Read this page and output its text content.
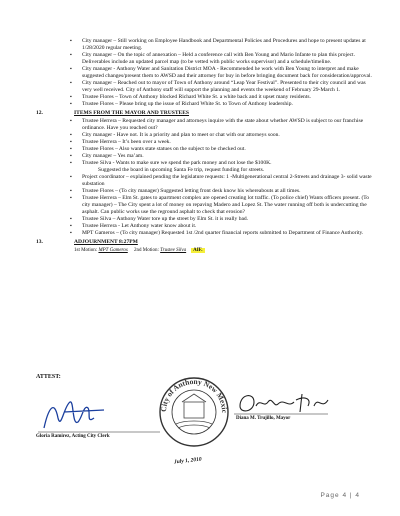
▪ City manager – Still working on Employee Handbook and Departmental Policies and Procedures and hope to present updates at 1/28/2020 regular meeting.
▪ City manager – On the topic of annexation – Held a conference call with Ben Young and Mario Infante to plan this project. Deliverables include an updated parcel map (to be vetted with public works supervisor) and a schedule/timeline.
▪ City manager - Anthony Water and Sanitation District MOA - Recommended he work with Ben Young to interpret and make suggested changes/present them to AWSD and their attorney for buy in before bringing document back for consideration/approval.
▪ City manager – Reached out to mayor of Town of Anthony around “Leap Year Festival”. Presented to their city council and was very well received. City of Anthony staff will support the planning and events the weekend of February 29-March 1.
▪ Trustee Flores – Town of Anthony blocked Richard White St. a white back and it upset many residents.
▪ Trustee Flores – Please bring up the issue of Richard White St. to Town of Anthony leadership.
12.	ITEMS FROM THE MAYOR AND TRUSTEES
▪ Trustee Herrera – Requested city manager and attorneys inquire with the state about whether AWSD is subject to our franchise ordinance. Have you reached out?
▪ City manager - Have not. It is a priority and plan to meet or chat with our attorneys soon.
▪ Trustee Herrera – It’s been over a week.
▪ Trustee Flores – Also wants state statues on the subject to be checked out.
▪ City manager – Yes ma’am.
▪ Trustee Silva - Wants to make sure we spend the park money and not lose the $100K.
Suggested the board in upcoming Santa Fe trip, request funding for streets.
▪ Project coordinator – explained pending the legislature requests: 1 -Multigenerational central 2-Streets and drainage 3- solid waste substation
▪ Trustee Flores – (To city manager) Suggested letting front desk know his whereabouts at all times.
▪ Trustee Herrera – Elm St. gates to apartment complex are opened creating lot traffic. (To police chief) Wants officers present. (To city manager) – The City spent a lot of money on repaving Madero and Lopez St. The water running off both is undercutting the asphalt. Can public works use the reground asphalt to check that erosion?
▪ Trustee Silva – Anthony Water tore up the street by Elm St. it is really bad.
▪ Trustee Herrera - Let Anthony water know about it.
▪ MPT Gameros – (To city manager) Requested 1st /2nd quarter financial reports submitted to Department of Finance Authority.
13.	ADJOURNMENT 8:27PM
1st Motion: MPT Gameros 2nd Motion: Trustee Silva AIF.
ATTEST:
Gloria Ramirez, Acting City Clerk
City of Anthony New Mexic
July 1, 2010
Diana M. Trujillo, Mayor
Page 4 | 4
